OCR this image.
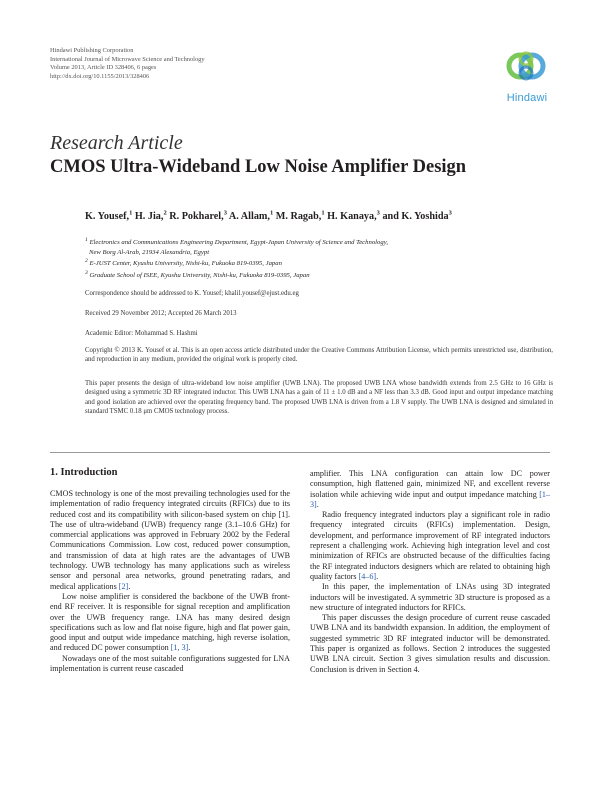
Hindawi Publishing Corporation
International Journal of Microwave Science and Technology
Volume 2013, Article ID 328406, 6 pages
http://dx.doi.org/10.1155/2013/328406
Hindawi
Research Article
CMOS Ultra-Wideband Low Noise Amplifier Design
K. Yousef,$^1$ H. Jia,$^2$ R. Pokharel,$^3$ A. Allam,$^1$ M. Ragab,$^1$ H. Kanaya,$^3$ and K. Yoshida$^3$
$^1$ Electronics and Communications Engineering Department, Egypt-Japan University of Science and Technology,
New Borg Al-Arab, 21934 Alexandria, Egypt
$^2$ E-JUST Center, Kyushu University, Nishi-ku, Fukuoka 819-0395, Japan
$^3$ Graduate School of ISEE, Kyushu University, Nishi-ku, Fukuoka 819-0395, Japan
Correspondence should be addressed to K. Yousef; khalil.yousef@ejust.edu.eg
Received 29 November 2012; Accepted 26 March 2013
Academic Editor: Mohammad S. Hashmi
Copyright © 2013 K. Yousef et al. This is an open access article distributed under the Creative Commons Attribution License, which permits unrestricted use, distribution, and reproduction in any medium, provided the original work is properly cited.
This paper presents the design of ultra-wideband low noise amplifier (UWB LNA). The proposed UWB LNA whose bandwidth extends from 2.5 GHz to 16 GHz is designed using a symmetric 3D RF integrated inductor. This UWB LNA has a gain of 11 ± 1.0 dB and a NF less than 3.3 dB. Good input and output impedance matching and good isolation are achieved over the operating frequency band. The proposed UWB LNA is driven from a 1.8 V supply. The UWB LNA is designed and simulated in standard TSMC 0.18 μm CMOS technology process.
1. Introduction

CMOS technology is one of the most prevailing technologies used for the implementation of radio frequency integrated circuits (RFICs) due to its reduced cost and its compatibility with silicon-based system on chip [1]. The use of ultra-wideband (UWB) frequency range (3.1–10.6 GHz) for commercial applications was approved in February 2002 by the Federal Communications Commission. Low cost, reduced power consumption, and transmission of data at high rates are the advantages of UWB technology. UWB technology has many applications such as wireless sensor and personal area networks, ground penetrating radars, and medical applications [2].

Low noise amplifier is considered the backbone of the UWB front-end RF receiver. It is responsible for signal reception and amplification over the UWB frequency range. LNA has many desired design specifications such as low and flat noise figure, high and flat power gain, good input and output wide impedance matching, high reverse isolation, and reduced DC power consumption [1, 3].

Nowadays one of the most suitable configurations suggested for LNA implementation is current reuse cascaded

amplifier. This LNA configuration can attain low DC power consumption, high flattened gain, minimized NF, and excellent reverse isolation while achieving wide input and output impedance matching [1–3].

Radio frequency integrated inductors play a significant role in radio frequency integrated circuits (RFICs) implementation. Design, development, and performance improvement of RF integrated inductors represent a challenging work. Achieving high integration level and cost minimization of RFICs are obstructed because of the difficulties facing the RF integrated inductors designers which are related to obtaining high quality factors [4–6].

In this paper, the implementation of LNAs using 3D integrated inductors will be investigated. A symmetric 3D structure is proposed as a new structure of integrated inductors for RFICs.

This paper discusses the design procedure of current reuse cascaded UWB LNA and its bandwidth expansion. In addition, the employment of suggested symmetric 3D RF integrated inductor will be demonstrated. This paper is organized as follows. Section 2 introduces the suggested UWB LNA circuit. Section 3 gives simulation results and discussion. Conclusion is driven in Section 4.
